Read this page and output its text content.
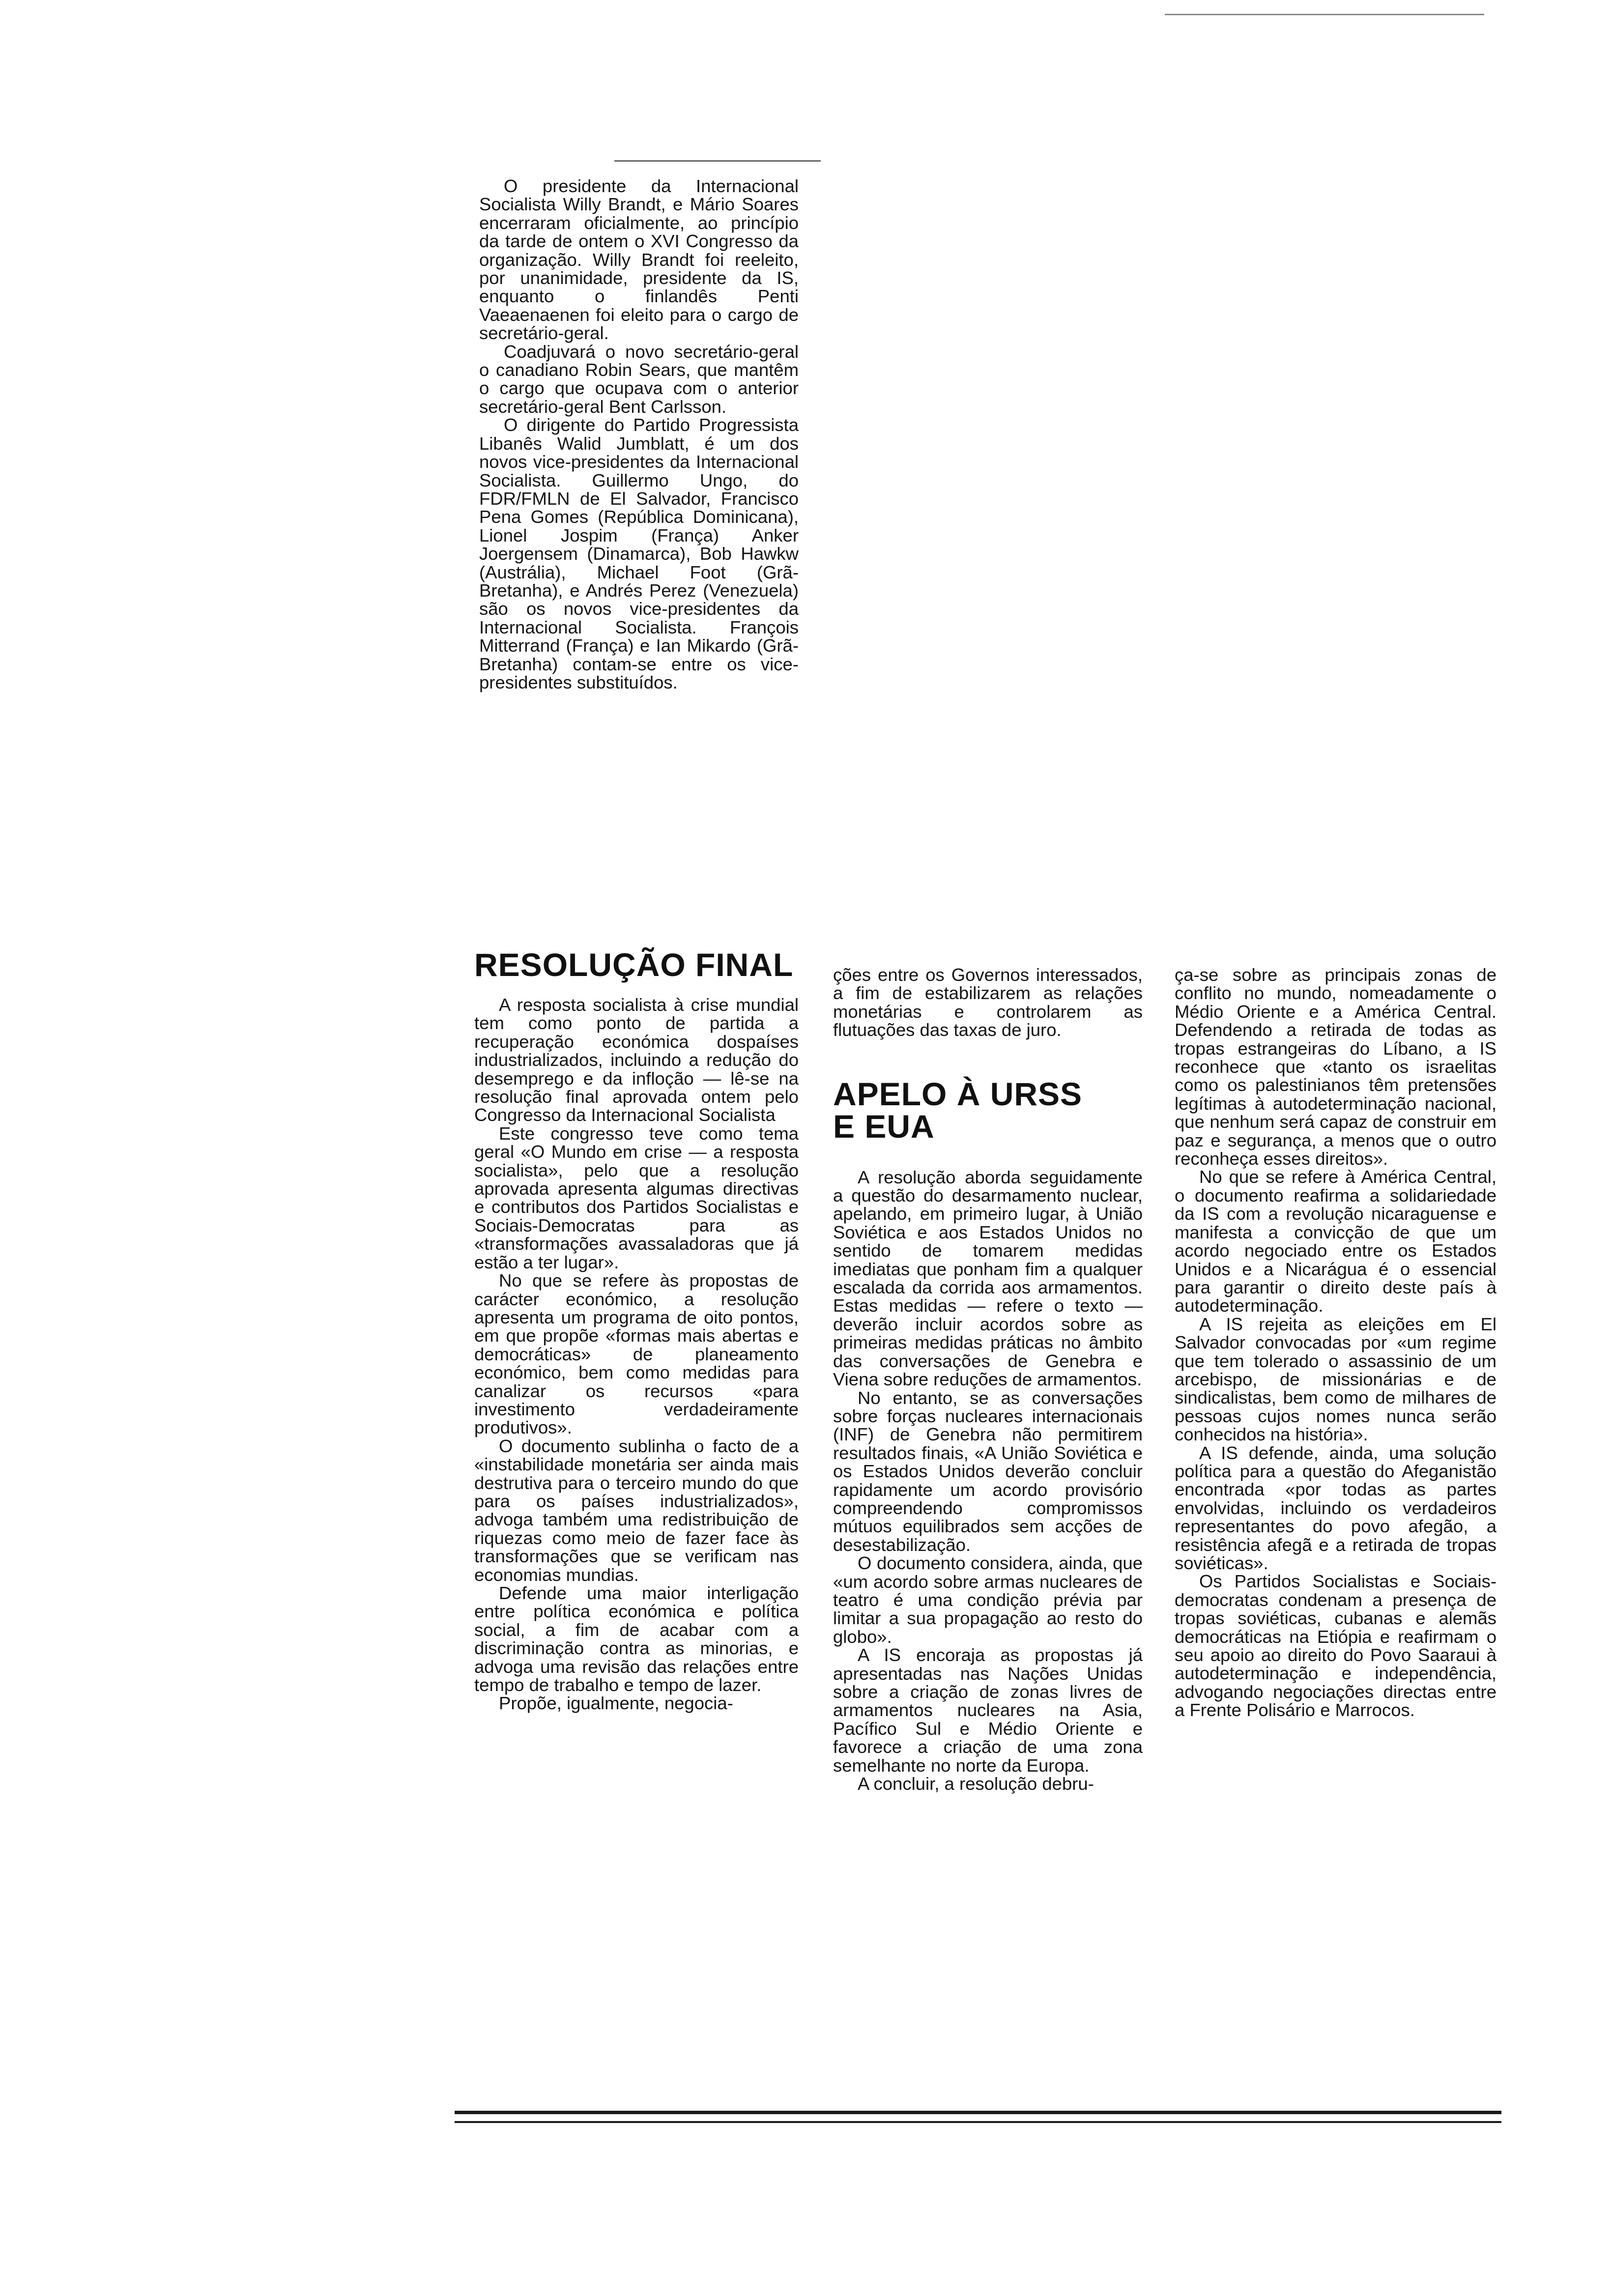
O presidente da Internacional Socialista Willy Brandt, e Mário Soares encerraram oficialmente, ao princípio da tarde de ontem o XVI Congresso da organização. Willy Brandt foi reeleito, por unanimidade, presidente da IS, enquanto o finlandês Penti Vaeaenaenen foi eleito para o cargo de secretário-geral.

Coadjuvará o novo secretário-geral o canadiano Robin Sears, que mantêm o cargo que ocupava com o anterior secretário-geral Bent Carlsson.

O dirigente do Partido Progressista Libanês Walid Jumblatt, é um dos novos vice-presidentes da Internacional Socialista. Guillermo Ungo, do FDR/FMLN de El Salvador, Francisco Pena Gomes (República Dominicana), Lionel Jospim (França) Anker Joergensem (Dinamarca), Bob Hawkw (Austrália), Michael Foot (Grã-Bretanha), e Andrés Perez (Venezuela) são os novos vice-presidentes da Internacional Socialista. François Mitterrand (França) e Ian Mikardo (Grã-Bretanha) contam-se entre os vice-presidentes substituídos.

RESOLUÇÃO FINAL

A resposta socialista à crise mundial tem como ponto de partida a recuperação económica dospaíses industrializados, incluindo a redução do desemprego e da infloção — lê-se na resolução final aprovada ontem pelo Congresso da Internacional Socialista

Este congresso teve como tema geral «O Mundo em crise — a resposta socialista», pelo que a resolução aprovada apresenta algumas directivas e contributos dos Partidos Socialistas e Sociais-Democratas para as «transformações avassaladoras que já estão a ter lugar».

No que se refere às propostas de carácter económico, a resolução apresenta um programa de oito pontos, em que propõe «formas mais abertas e democráticas» de planeamento económico, bem como medidas para canalizar os recursos «para investimento verdadeiramente produtivos».

O documento sublinha o facto de a «instabilidade monetária ser ainda mais destrutiva para o terceiro mundo do que para os países industrializados», advoga também uma redistribuição de riquezas como meio de fazer face às transformações que se verificam nas economias mundias.

Defende uma maior interligação entre política económica e política social, a fim de acabar com a discriminação contra as minorias, e advoga uma revisão das relações entre tempo de trabalho e tempo de lazer.

Propõe, igualmente, negocia-

ções entre os Governos interessados, a fim de estabilizarem as relações monetárias e controlarem as flutuações das taxas de juro.

APELO À URSS
E EUA

A resolução aborda seguidamente a questão do desarmamento nuclear, apelando, em primeiro lugar, à União Soviética e aos Estados Unidos no sentido de tomarem medidas imediatas que ponham fim a qualquer escalada da corrida aos armamentos. Estas medidas — refere o texto — deverão incluir acordos sobre as primeiras medidas práticas no âmbito das conversações de Genebra e Viena sobre reduções de armamentos.

No entanto, se as conversações sobre forças nucleares internacionais (INF) de Genebra não permitirem resultados finais, «A União Soviética e os Estados Unidos deverão concluir rapidamente um acordo provisório compreendendo compromissos mútuos equilibrados sem acções de desestabilização.

O documento considera, ainda, que «um acordo sobre armas nucleares de teatro é uma condição prévia par limitar a sua propagação ao resto do globo».

A IS encoraja as propostas já apresentadas nas Nações Unidas sobre a criação de zonas livres de armamentos nucleares na Asia, Pacífico Sul e Médio Oriente e favorece a criação de uma zona semelhante no norte da Europa.

A concluir, a resolução debru-

ça-se sobre as principais zonas de conflito no mundo, nomeadamente o Médio Oriente e a América Central. Defendendo a retirada de todas as tropas estrangeiras do Líbano, a IS reconhece que «tanto os israelitas como os palestinianos têm pretensões legítimas à autodeterminação nacional, que nenhum será capaz de construir em paz e segurança, a menos que o outro reconheça esses direitos».

No que se refere à América Central, o documento reafirma a solidariedade da IS com a revolução nicaraguense e manifesta a convicção de que um acordo negociado entre os Estados Unidos e a Nicarágua é o essencial para garantir o direito deste país à autodeterminação.

A IS rejeita as eleições em El Salvador convocadas por «um regime que tem tolerado o assassinio de um arcebispo, de missionárias e de sindicalistas, bem como de milhares de pessoas cujos nomes nunca serão conhecidos na história».

A IS defende, ainda, uma solução política para a questão do Afeganistão encontrada «por todas as partes envolvidas, incluindo os verdadeiros representantes do povo afegão, a resistência afegã e a retirada de tropas soviéticas».

Os Partidos Socialistas e Sociais-democratas condenam a presença de tropas soviéticas, cubanas e alemãs democráticas na Etiópia e reafirmam o seu apoio ao direito do Povo Saaraui à autodeterminação e independência, advogando negociações directas entre a Frente Polisário e Marrocos.
